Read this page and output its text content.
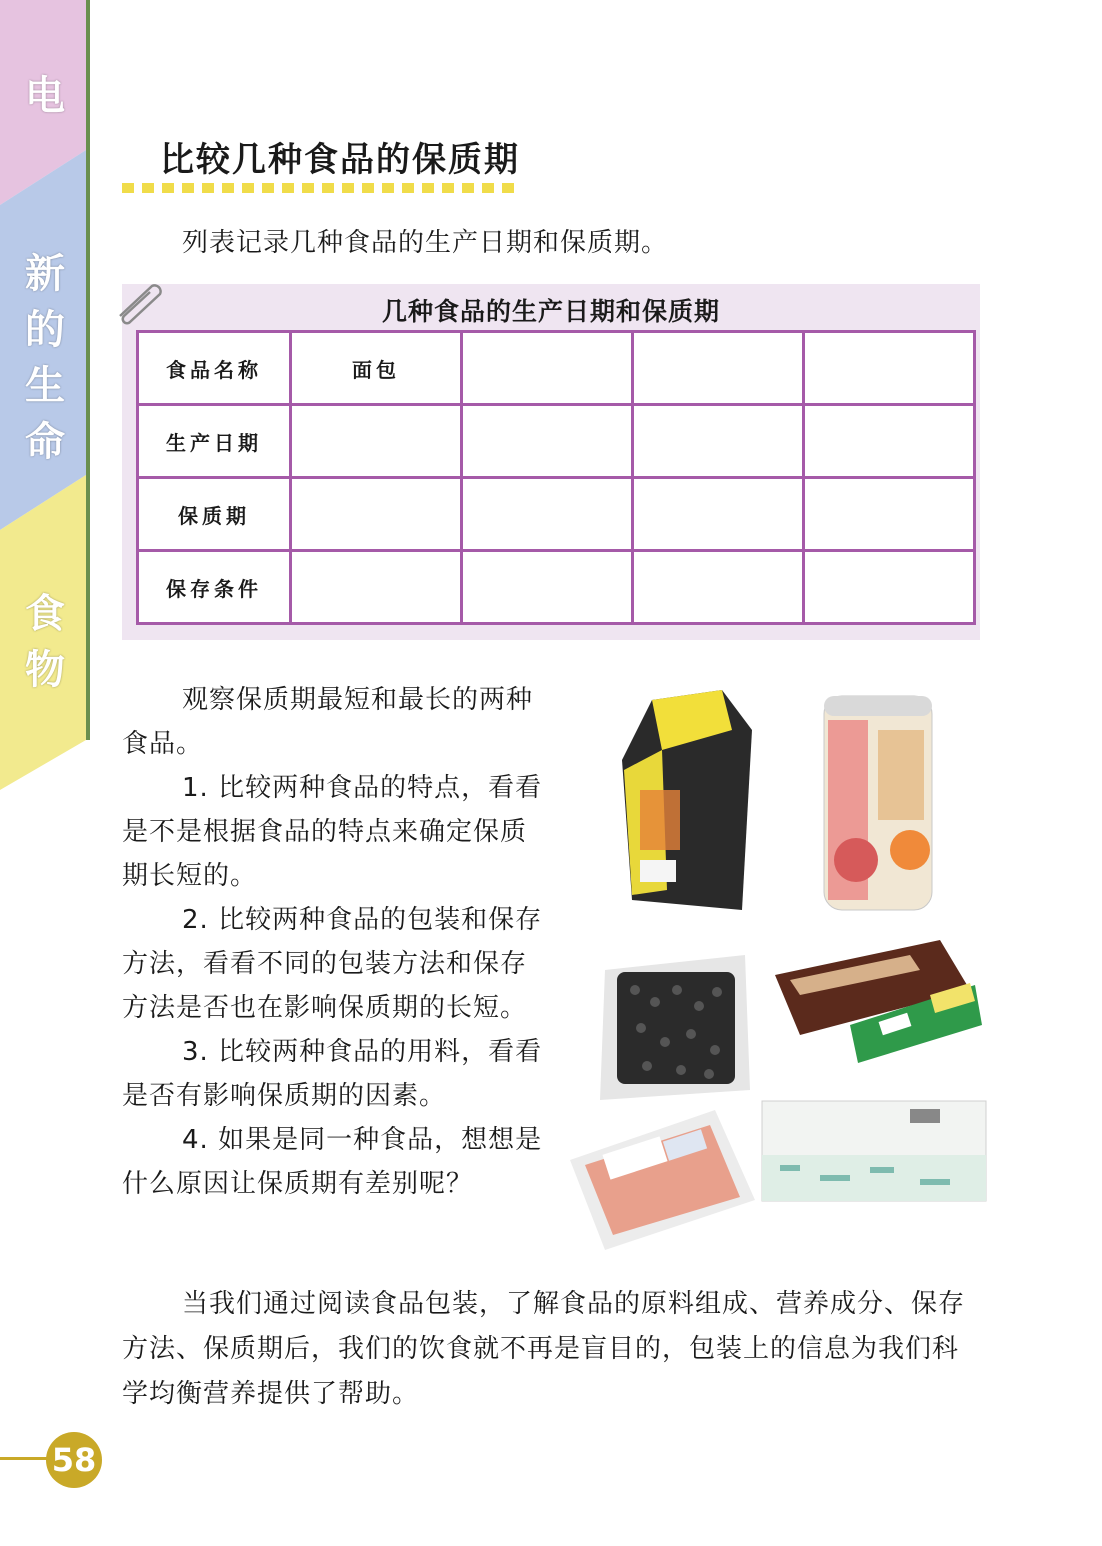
电
新的生命
食物
58
比较几种食品的保质期
列表记录几种食品的生产日期和保质期。
几种食品的生产日期和保质期
食品名称	面包			
生产日期				
保质期				
保存条件				

观察保质期最短和最长的两种食品。

1. 比较两种食品的特点，看看是不是根据食品的特点来确定保质期长短的。

2. 比较两种食品的包装和保存方法，看看不同的包装方法和保存方法是否也在影响保质期的长短。

3. 比较两种食品的用料，看看是否有影响保质期的因素。

4. 如果是同一种食品，想想是什么原因让保质期有差别呢？

当我们通过阅读食品包装，了解食品的原料组成、营养成分、保存方法、保质期后，我们的饮食就不再是盲目的，包装上的信息为我们科学均衡营养提供了帮助。
